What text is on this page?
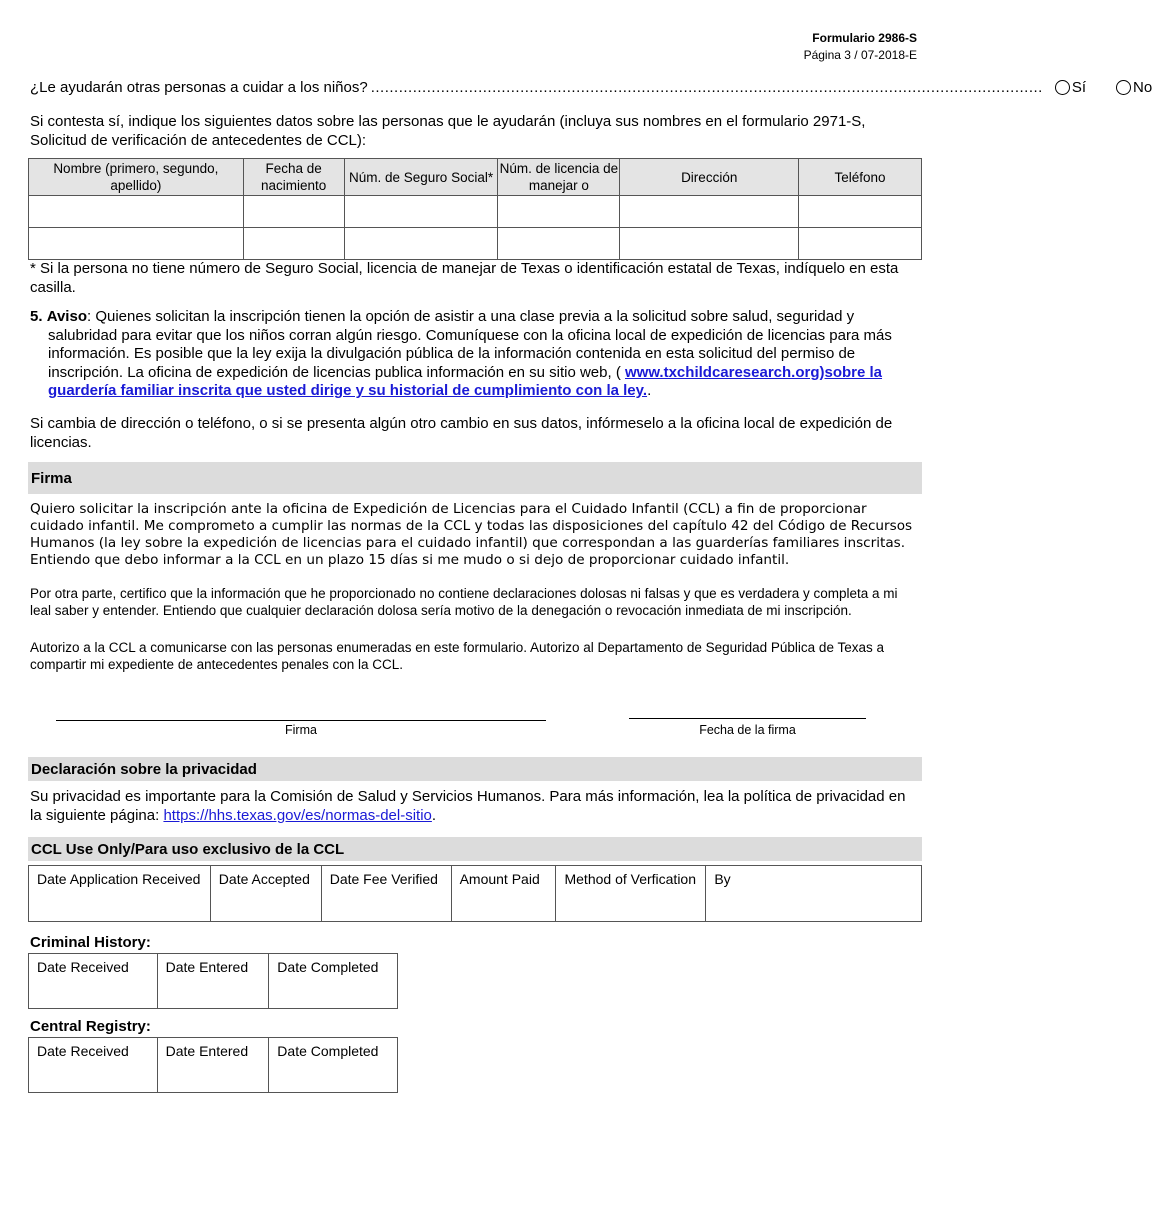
Formulario 2986-S
Página 3 / 07-2018-E
¿Le ayudarán otras personas a cuidar a los niños? ................................................................................................................................................ Sí	No
Si contesta sí, indique los siguientes datos sobre las personas que le ayudarán (incluya sus nombres en el formulario 2971-S, Solicitud de verificación de antecedentes de CCL):
Nombre (primero, segundo, apellido)	Fecha de nacimiento	Núm. de Seguro Social*	Núm. de licencia de manejar o	Dirección	Teléfono

* Si la persona no tiene número de Seguro Social, licencia de manejar de Texas o identificación estatal de Texas, indíquelo en esta casilla.
5. Aviso: Quienes solicitan la inscripción tienen la opción de asistir a una clase previa a la solicitud sobre salud, seguridad y salubridad para evitar que los niños corran algún riesgo. Comuníquese con la oficina local de expedición de licencias para más información. Es posible que la ley exija la divulgación pública de la información contenida en esta solicitud del permiso de inscripción. La oficina de expedición de licencias publica información en su sitio web, ( www.txchildcaresearch.org)sobre la guardería familiar inscrita que usted dirige y su historial de cumplimiento con la ley..
Si cambia de dirección o teléfono, o si se presenta algún otro cambio en sus datos, infórmeselo a la oficina local de expedición de licencias.
Firma
Quiero solicitar la inscripción ante la oficina de Expedición de Licencias para el Cuidado Infantil (CCL) a fin de proporcionar cuidado infantil. Me comprometo a cumplir las normas de la CCL y todas las disposiciones del capítulo 42 del Código de Recursos Humanos (la ley sobre la expedición de licencias para el cuidado infantil) que correspondan a las guarderías familiares inscritas. Entiendo que debo informar a la CCL en un plazo 15 días si me mudo o si dejo de proporcionar cuidado infantil.
Por otra parte, certifico que la información que he proporcionado no contiene declaraciones dolosas ni falsas y que es verdadera y completa a mi leal saber y entender. Entiendo que cualquier declaración dolosa sería motivo de la denegación o revocación inmediata de mi inscripción.
Autorizo a la CCL a comunicarse con las personas enumeradas en este formulario. Autorizo al Departamento de Seguridad Pública de Texas a compartir mi expediente de antecedentes penales con la CCL.
Firma	Fecha de la firma
Declaración sobre la privacidad
Su privacidad es importante para la Comisión de Salud y Servicios Humanos. Para más información, lea la política de privacidad en la siguiente página: https://hhs.texas.gov/es/normas-del-sitio.
CCL Use Only/Para uso exclusivo de la CCL
Date Application Received	Date Accepted	Date Fee Verified	Amount Paid	Method of Verfication	By
Criminal History:
Date Received	Date Entered	Date Completed
Central Registry:
Date Received	Date Entered	Date Completed
